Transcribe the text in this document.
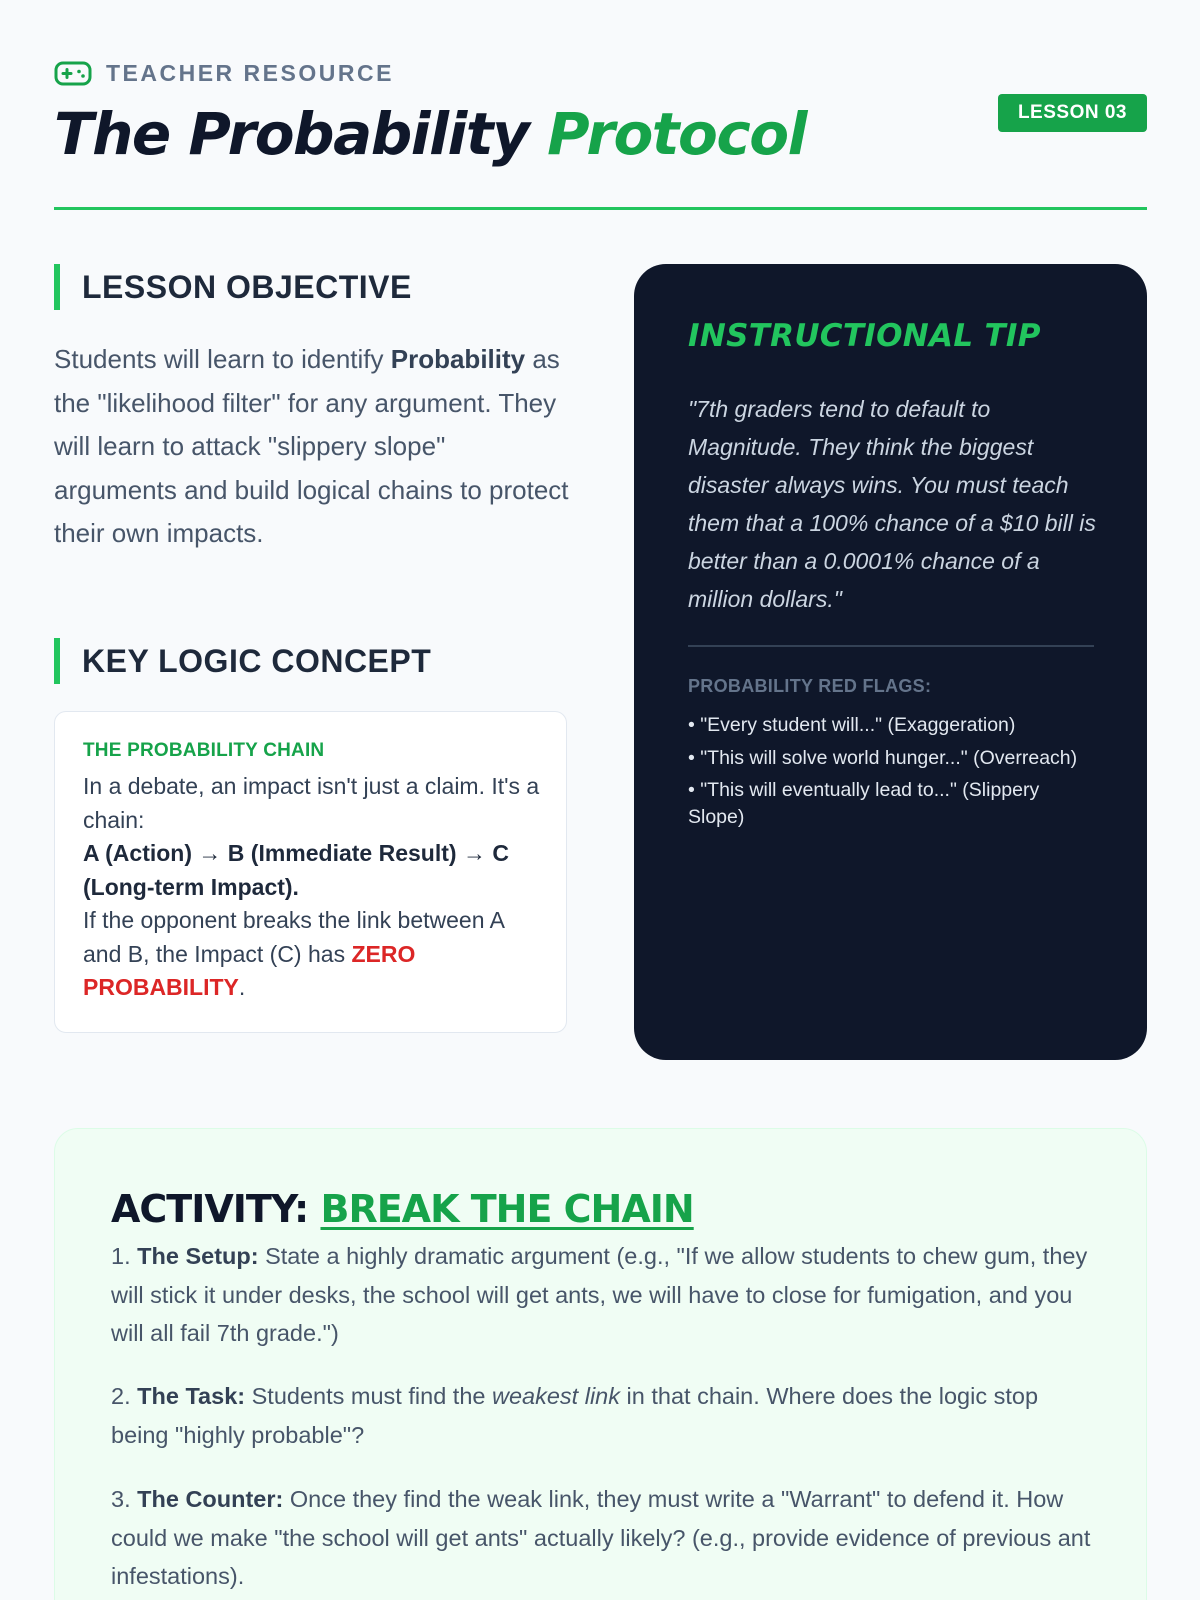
TEACHER RESOURCE
The Probability Protocol	LESSON 03
LESSON OBJECTIVE

Students will learn to identify Probability as the "likelihood filter" for any argument. They will learn to attack "slippery slope" arguments and build logical chains to protect their own impacts.

KEY LOGIC CONCEPT
THE PROBABILITY CHAIN
In a debate, an impact isn't just a claim. It's a chain:
A (Action) → B (Immediate Result) → C (Long-term Impact).
If the opponent breaks the link between A and B, the Impact (C) has ZERO PROBABILITY.
INSTRUCTIONAL TIP

"7th graders tend to default to Magnitude. They think the biggest disaster always wins. You must teach them that a 100% chance of a $10 bill is better than a 0.0001% chance of a million dollars."

PROBABILITY RED FLAGS:
• "Every student will..." (Exaggeration)
• "This will solve world hunger..." (Overreach)
• "This will eventually lead to..." (Slippery Slope)
ACTIVITY: BREAK THE CHAIN

1. The Setup: State a highly dramatic argument (e.g., "If we allow students to chew gum, they will stick it under desks, the school will get ants, we will have to close for fumigation, and you will all fail 7th grade.")

2. The Task: Students must find the weakest link in that chain. Where does the logic stop being "highly probable"?

3. The Counter: Once they find the weak link, they must write a "Warrant" to defend it. How could we make "the school will get ants" actually likely? (e.g., provide evidence of previous ant infestations).
